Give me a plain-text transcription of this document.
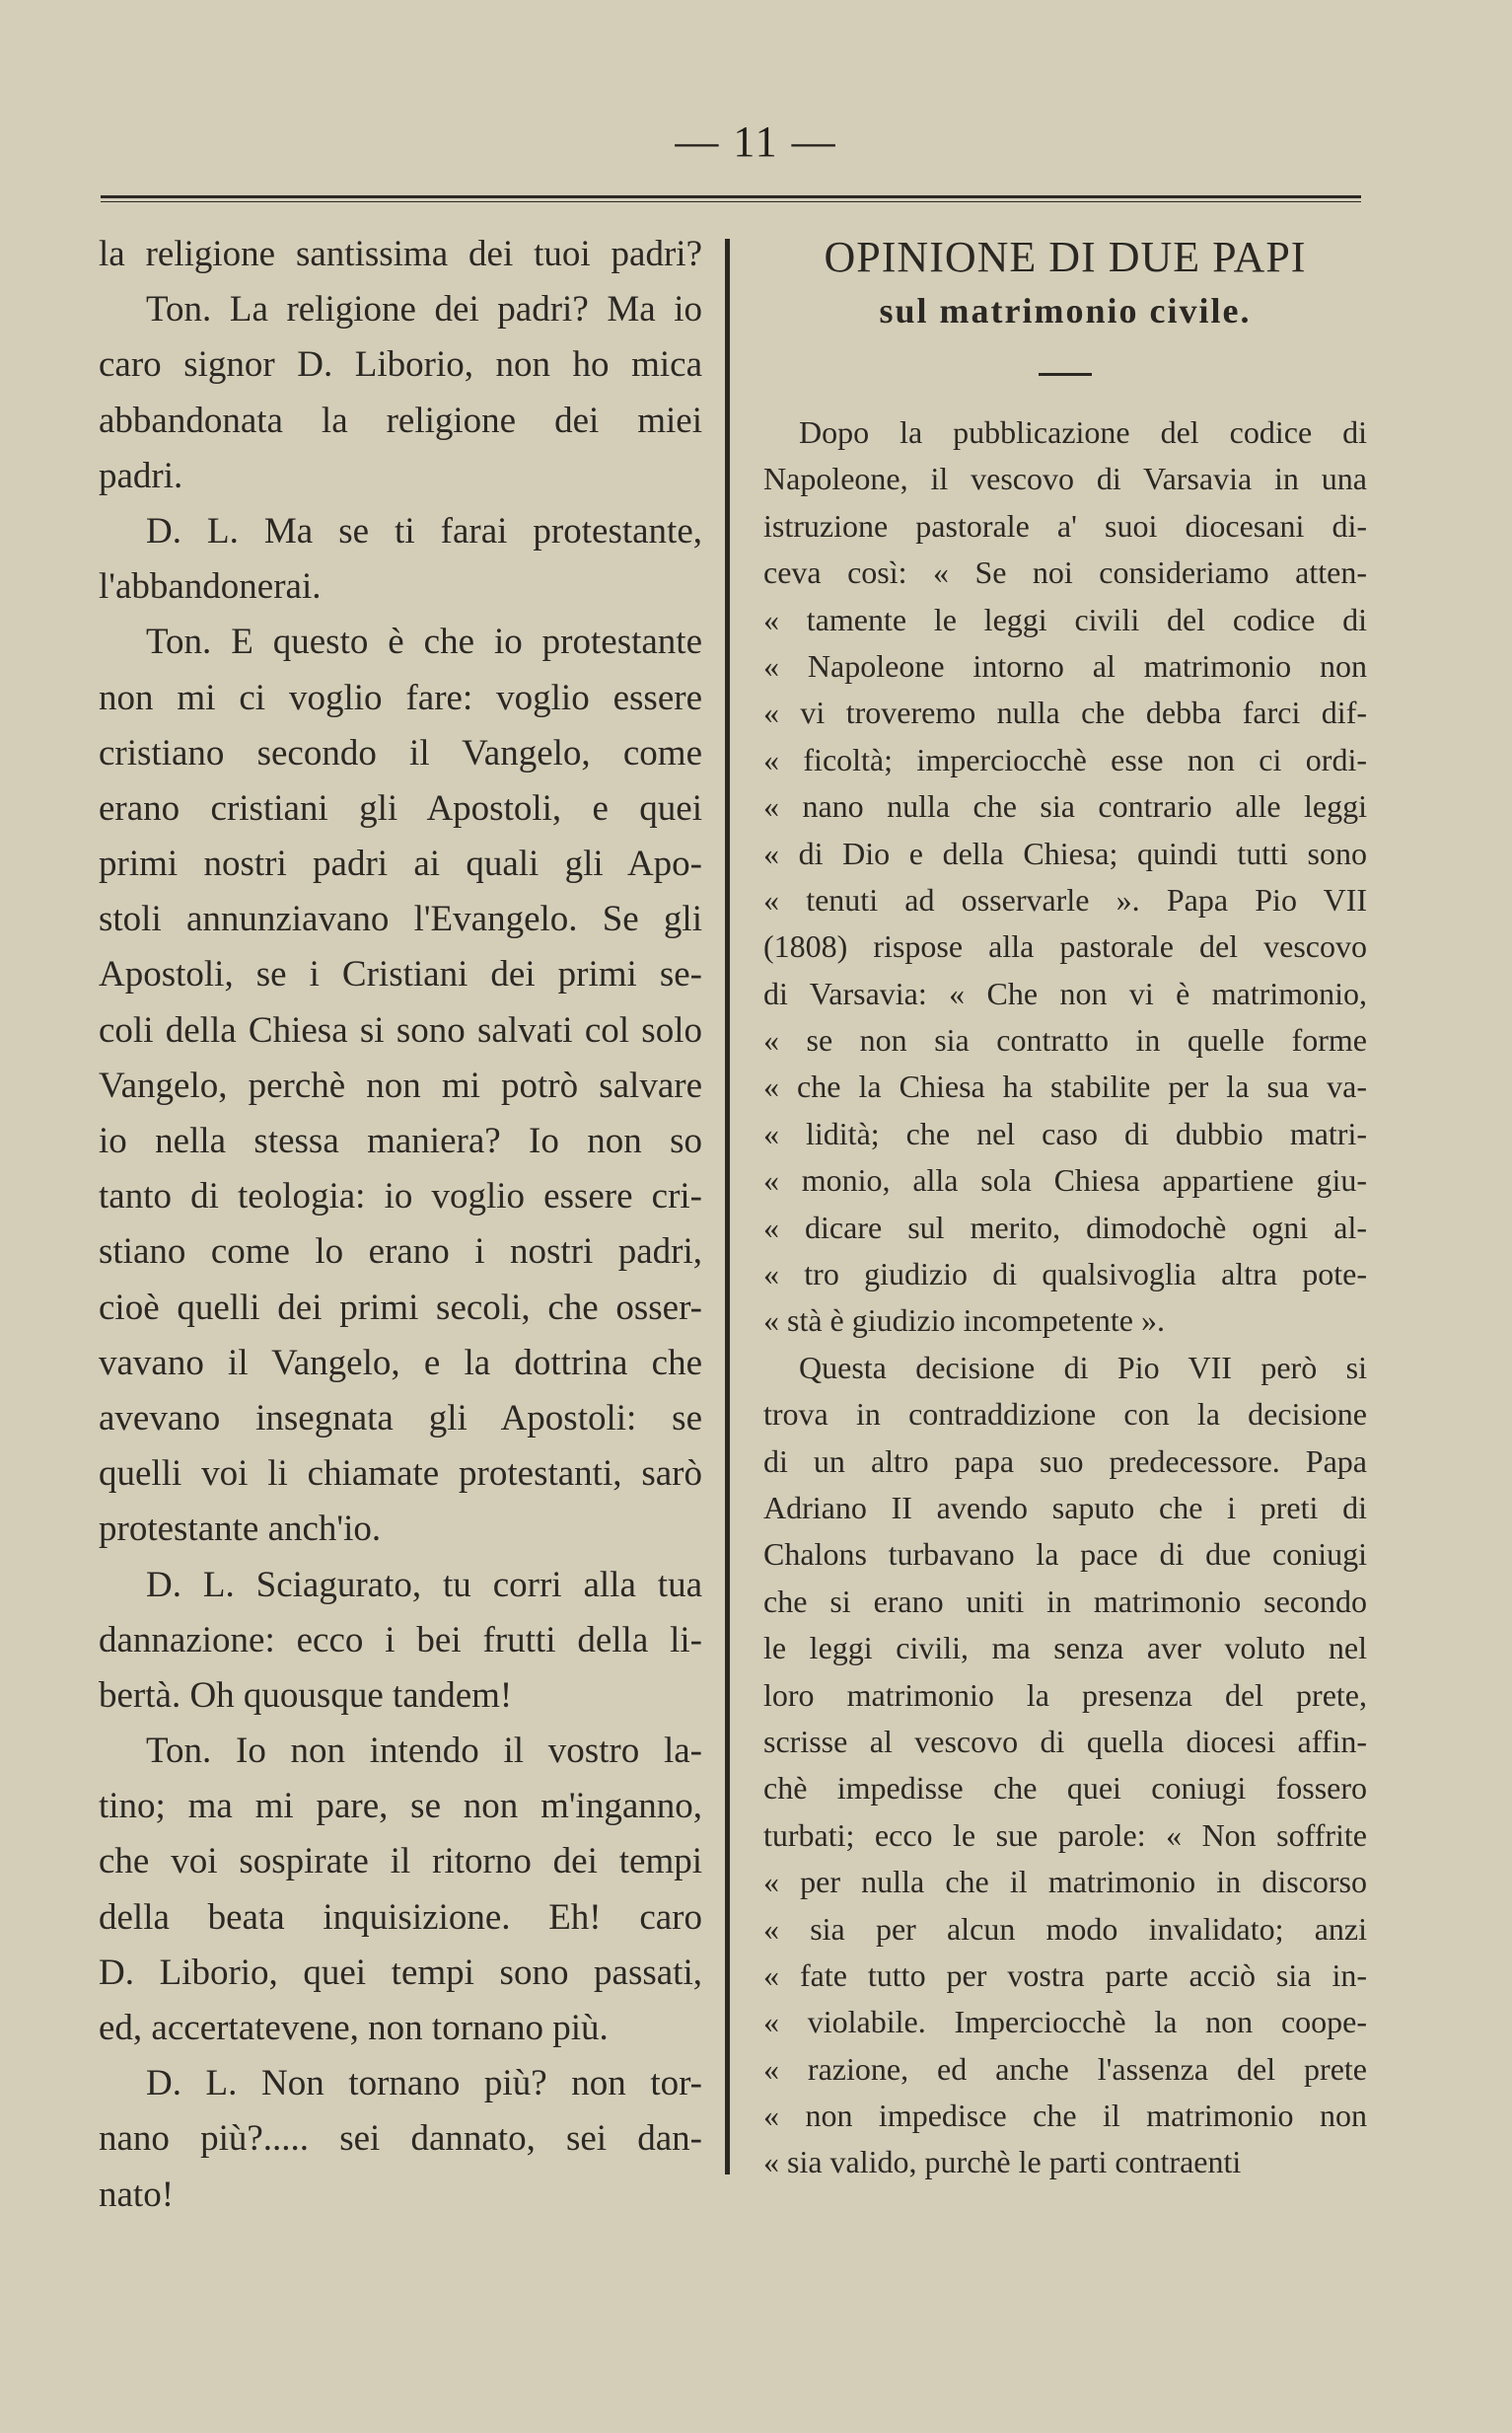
— 11 —
la religione santissima dei tuoi padri?
Ton. La religione dei padri? Ma io
caro signor D. Liborio, non ho mica
abbandonata la religione dei miei
padri.
D. L. Ma se ti farai protestante,
l'abbandonerai.
Ton. E questo è che io protestante
non mi ci voglio fare: voglio essere
cristiano secondo il Vangelo, come
erano cristiani gli Apostoli, e quei
primi nostri padri ai quali gli Apo-
stoli annunziavano l'Evangelo. Se gli
Apostoli, se i Cristiani dei primi se-
coli della Chiesa si sono salvati col solo
Vangelo, perchè non mi potrò salvare
io nella stessa maniera? Io non so
tanto di teologia: io voglio essere cri-
stiano come lo erano i nostri padri,
cioè quelli dei primi secoli, che osser-
vavano il Vangelo, e la dottrina che
avevano insegnata gli Apostoli: se
quelli voi li chiamate protestanti, sarò
protestante anch'io.
D. L. Sciagurato, tu corri alla tua
dannazione: ecco i bei frutti della li-
bertà. Oh quousque tandem!
Ton. Io non intendo il vostro la-
tino; ma mi pare, se non m'inganno,
che voi sospirate il ritorno dei tempi
della beata inquisizione. Eh! caro
D. Liborio, quei tempi sono passati,
ed, accertatevene, non tornano più.
D. L. Non tornano più? non tor-
nano più?..... sei dannato, sei dan-
nato!
OPINIONE DI DUE PAPI
sul matrimonio civile.
Dopo la pubblicazione del codice di
Napoleone, il vescovo di Varsavia in una
istruzione pastorale a' suoi diocesani di-
ceva così: « Se noi consideriamo atten-
« tamente le leggi civili del codice di
« Napoleone intorno al matrimonio non
« vi troveremo nulla che debba farci dif-
« ficoltà; imperciocchè esse non ci ordi-
« nano nulla che sia contrario alle leggi
« di Dio e della Chiesa; quindi tutti sono
« tenuti ad osservarle ». Papa Pio VII
(1808) rispose alla pastorale del vescovo
di Varsavia: « Che non vi è matrimonio,
« se non sia contratto in quelle forme
« che la Chiesa ha stabilite per la sua va-
« lidità; che nel caso di dubbio matri-
« monio, alla sola Chiesa appartiene giu-
« dicare sul merito, dimodochè ogni al-
« tro giudizio di qualsivoglia altra pote-
« stà è giudizio incompetente ».
Questa decisione di Pio VII però si
trova in contraddizione con la decisione
di un altro papa suo predecessore. Papa
Adriano II avendo saputo che i preti di
Chalons turbavano la pace di due coniugi
che si erano uniti in matrimonio secondo
le leggi civili, ma senza aver voluto nel
loro matrimonio la presenza del prete,
scrisse al vescovo di quella diocesi affin-
chè impedisse che quei coniugi fossero
turbati; ecco le sue parole: « Non soffrite
« per nulla che il matrimonio in discorso
« sia per alcun modo invalidato; anzi
« fate tutto per vostra parte acciò sia in-
« violabile. Imperciocchè la non coope-
« razione, ed anche l'assenza del prete
« non impedisce che il matrimonio non
« sia valido, purchè le parti contraenti
